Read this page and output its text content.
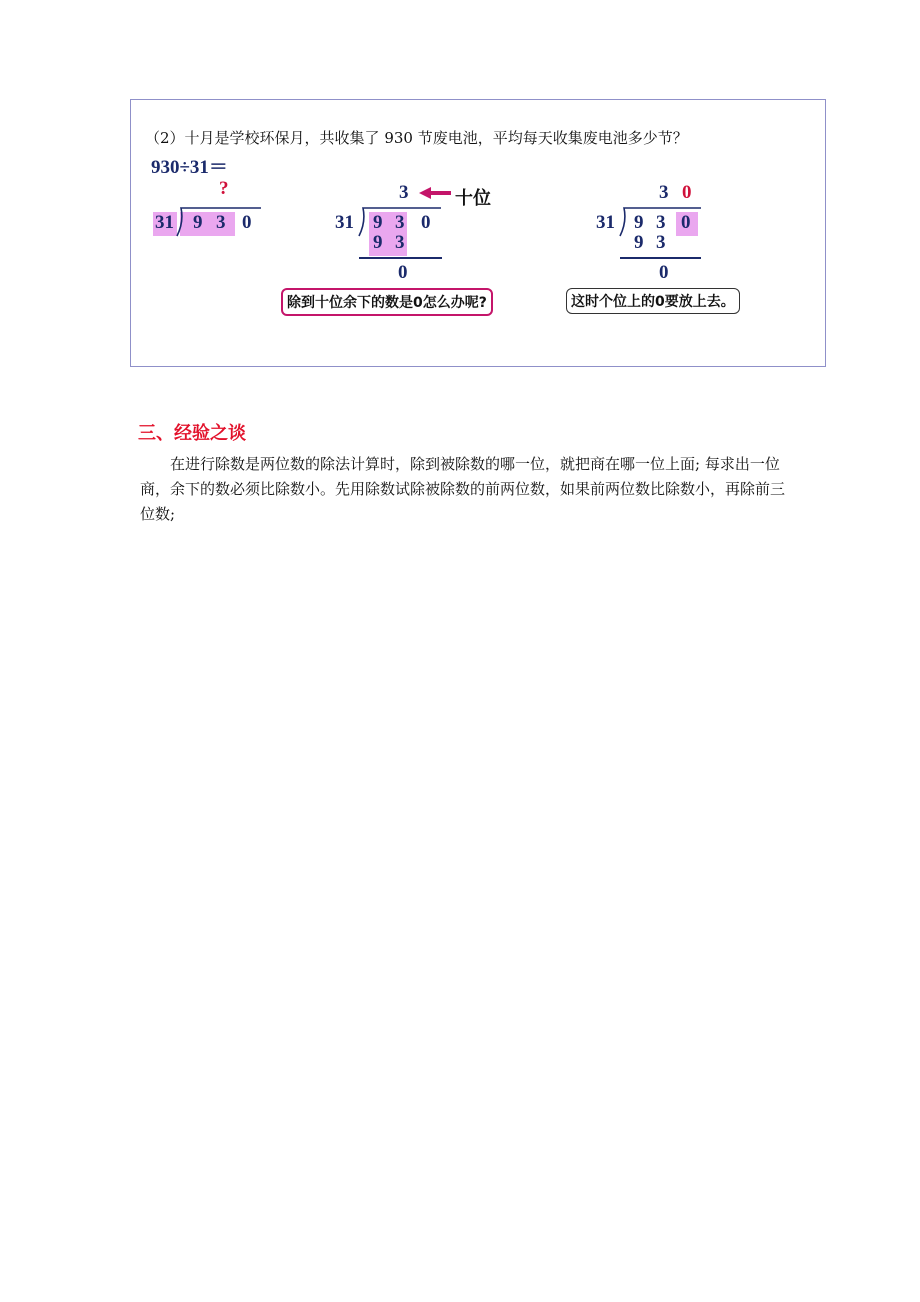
（2）十月是学校环保月，共收集了 930 节废电池，平均每天收集废电池多少节？
930÷31＝
?
31 9 3 0
3	十位
31 9 3 0
9 3
0
除到十位余下的数是0怎么办呢?
3 0
31 9 3 0
9 3
0
这时个位上的0要放上去。
三、经验之谈
在进行除数是两位数的除法计算时，除到被除数的哪一位，就把商在哪一位上面; 每求出一位商，余下的数必须比除数小。先用除数试除被除数的前两位数，如果前两位数比除数小，再除前三位数;
